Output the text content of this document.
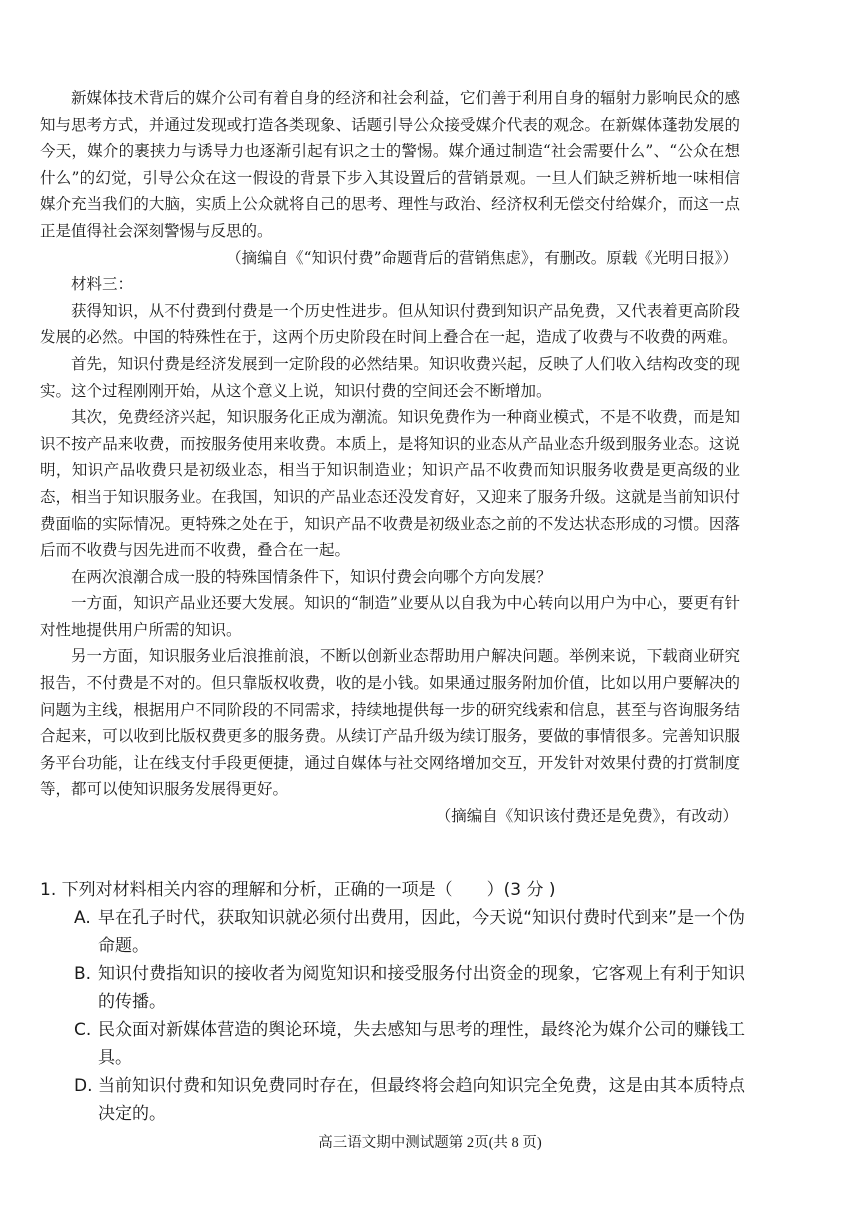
新媒体技术背后的媒介公司有着自身的经济和社会利益，它们善于利用自身的辐射力影响民众的感知与思考方式，并通过发现或打造各类现象、话题引导公众接受媒介代表的观念。在新媒体蓬勃发展的今天，媒介的裹挟力与诱导力也逐渐引起有识之士的警惕。媒介通过制造“社会需要什么”、“公众在想什么”的幻觉，引导公众在这一假设的背景下步入其设置后的营销景观。一旦人们缺乏辨析地一味相信媒介充当我们的大脑，实质上公众就将自己的思考、理性与政治、经济权利无偿交付给媒介，而这一点正是值得社会深刻警惕与反思的。

（摘编自《“知识付费”命题背后的营销焦虑》，有删改。原载《光明日报》）

材料三：

获得知识，从不付费到付费是一个历史性进步。但从知识付费到知识产品免费，又代表着更高阶段发展的必然。中国的特殊性在于，这两个历史阶段在时间上叠合在一起，造成了收费与不收费的两难。

首先，知识付费是经济发展到一定阶段的必然结果。知识收费兴起，反映了人们收入结构改变的现实。这个过程刚刚开始，从这个意义上说，知识付费的空间还会不断增加。

其次，免费经济兴起，知识服务化正成为潮流。知识免费作为一种商业模式，不是不收费，而是知识不按产品来收费，而按服务使用来收费。本质上，是将知识的业态从产品业态升级到服务业态。这说明，知识产品收费只是初级业态，相当于知识制造业；知识产品不收费而知识服务收费是更高级的业态，相当于知识服务业。在我国，知识的产品业态还没发育好，又迎来了服务升级。这就是当前知识付费面临的实际情况。更特殊之处在于，知识产品不收费是初级业态之前的不发达状态形成的习惯。因落后而不收费与因先进而不收费，叠合在一起。

在两次浪潮合成一股的特殊国情条件下，知识付费会向哪个方向发展？

一方面，知识产品业还要大发展。知识的“制造”业要从以自我为中心转向以用户为中心，要更有针对性地提供用户所需的知识。

另一方面，知识服务业后浪推前浪，不断以创新业态帮助用户解决问题。举例来说，下载商业研究报告，不付费是不对的。但只靠版权收费，收的是小钱。如果通过服务附加价值，比如以用户要解决的问题为主线，根据用户不同阶段的不同需求，持续地提供每一步的研究线索和信息，甚至与咨询服务结合起来，可以收到比版权费更多的服务费。从续订产品升级为续订服务，要做的事情很多。完善知识服务平台功能，让在线支付手段更便捷，通过自媒体与社交网络增加交互，开发针对效果付费的打赏制度等，都可以使知识服务发展得更好。

（摘编自《知识该付费还是免费》，有改动）

1. 下列对材料相关内容的理解和分析，正确的一项是（　　）(3 分 )

A. 早在孔子时代，获取知识就必须付出费用，因此，今天说“知识付费时代到来”是一个伪命题。
B. 知识付费指知识的接收者为阅览知识和接受服务付出资金的现象，它客观上有利于知识的传播。
C. 民众面对新媒体营造的舆论环境，失去感知与思考的理性，最终沦为媒介公司的赚钱工具。
D. 当前知识付费和知识免费同时存在，但最终将会趋向知识完全免费，这是由其本质特点决定的。
高三语文期中测试题第 2页(共 8 页)
